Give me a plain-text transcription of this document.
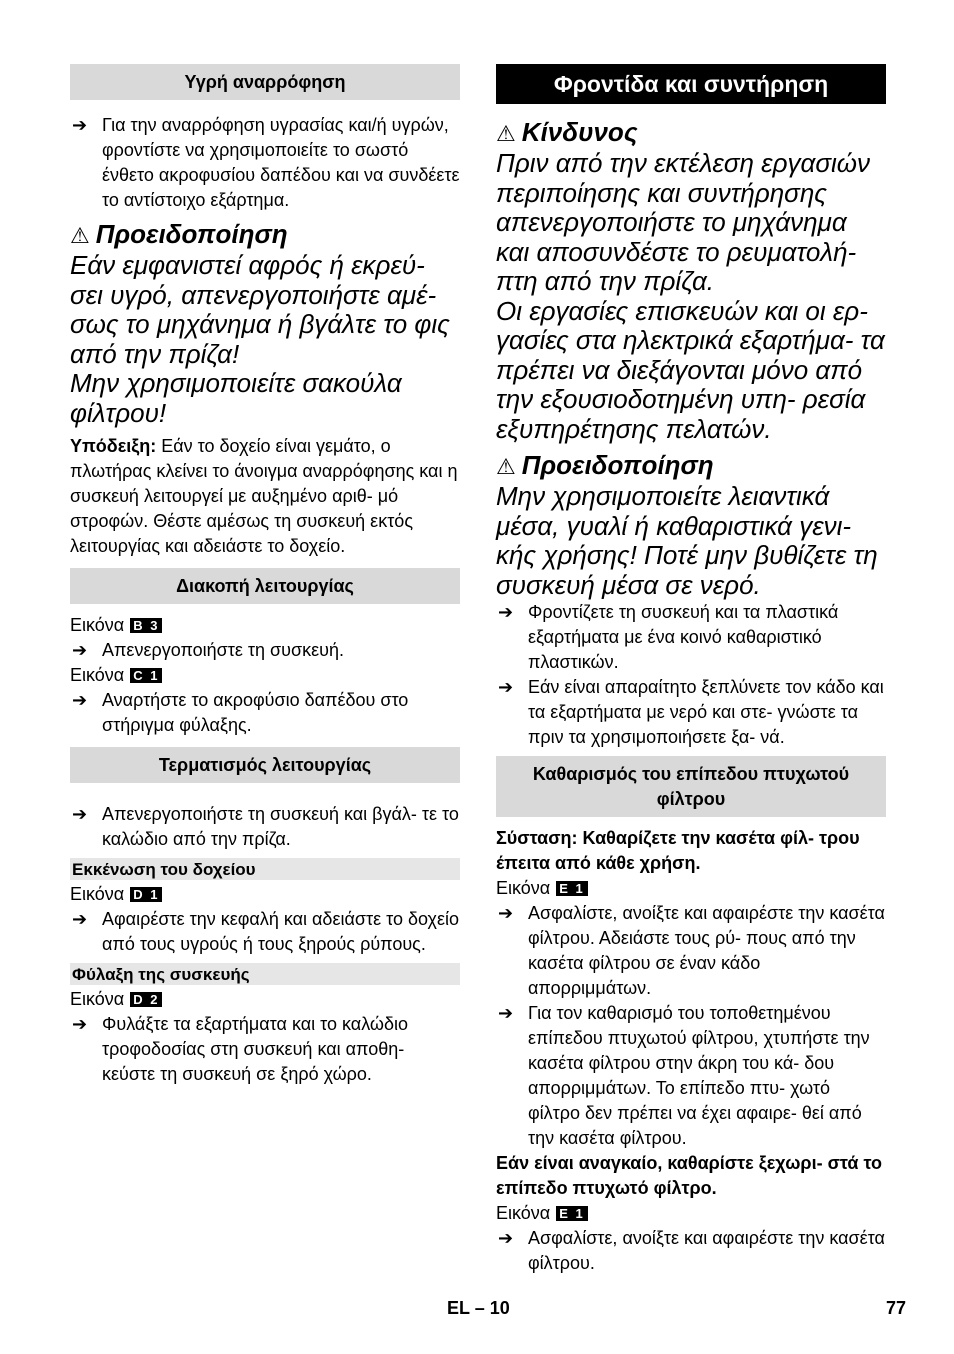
Υγρή αναρρόφηση
➔ Για την αναρρόφηση υγρασίας και/ή υγρών, φροντίστε να χρησιμοποιείτε το σωστό ένθετο ακροφυσίου δαπέδου και να συνδέετε το αντίστοιχο εξάρτημα.
⚠ Προειδοποίηση
Εάν εμφανιστεί αφρός ή εκρεύ- σει υγρό, απενεργοποιήστε αμέ- σως το μηχάνημα ή βγάλτε το φις από την πρίζα!
Μην χρησιμοποιείτε σακούλα φίλτρου!
Υπόδειξη: Εάν το δοχείο είναι γεμάτο, ο πλωτήρας κλείνει το άνοιγμα αναρρόφησης και η συσκευή λειτουργεί με αυξημένο αριθ- μό στροφών. Θέστε αμέσως τη συσκευή εκτός λειτουργίας και αδειάστε το δοχείο.
Διακοπή λειτουργίας
Εικόνα B 3
➔ Απενεργοποιήστε τη συσκευή.
Εικόνα C 1
➔ Αναρτήστε το ακροφύσιο δαπέδου στο στήριγμα φύλαξης.
Τερματισμός λειτουργίας
➔ Απενεργοποιήστε τη συσκευή και βγάλ- τε το καλώδιο από την πρίζα.
Εκκένωση του δοχείου
Εικόνα D 1
➔ Αφαιρέστε την κεφαλή και αδειάστε το δοχείο από τους υγρούς ή τους ξηρούς ρύπους.
Φύλαξη της συσκευής
Εικόνα D 2
➔ Φυλάξτε τα εξαρτήματα και το καλώδιο τροφοδοσίας στη συσκευή και αποθη- κεύστε τη συσκευή σε ξηρό χώρο.
Φροντίδα και συντήρηση
⚠ Κίνδυνος
Πριν από την εκτέλεση εργασιών περιποίησης και συντήρησης απενεργοποιήστε το μηχάνημα και αποσυνδέστε το ρευματολή- πτη από την πρίζα.
Οι εργασίες επισκευών και οι ερ- γασίες στα ηλεκτρικά εξαρτήμα- τα πρέπει να διεξάγονται μόνο από την εξουσιοδοτημένη υπη- ρεσία εξυπηρέτησης πελατών.
⚠ Προειδοποίηση
Μην χρησιμοποιείτε λειαντικά μέσα, γυαλί ή καθαριστικά γενι- κής χρήσης! Ποτέ μην βυθίζετε τη συσκευή μέσα σε νερό.
➔ Φροντίζετε τη συσκευή και τα πλαστικά εξαρτήματα με ένα κοινό καθαριστικό πλαστικών.
➔ Εάν είναι απαραίτητο ξεπλύνετε τον κάδο και τα εξαρτήματα με νερό και στε- γνώστε τα πριν τα χρησιμοποιήσετε ξα- νά.
Καθαρισμός του επίπεδου πτυχωτού φίλτρου
Σύσταση: Καθαρίζετε την κασέτα φίλ- τρου έπειτα από κάθε χρήση.
Εικόνα E 1
➔ Ασφαλίστε, ανοίξτε και αφαιρέστε την κασέτα φίλτρου. Αδειάστε τους ρύ- πους από την κασέτα φίλτρου σε έναν κάδο απορριμμάτων.
➔ Για τον καθαρισμό του τοποθετημένου επίπεδου πτυχωτού φίλτρου, χτυπήστε την κασέτα φίλτρου στην άκρη του κά- δου απορριμμάτων. Το επίπεδο πτυ- χωτό φίλτρο δεν πρέπει να έχει αφαιρε- θεί από την κασέτα φίλτρου.
Εάν είναι αναγκαίο, καθαρίστε ξεχωρι- στά το επίπεδο πτυχωτό φίλτρο.
Εικόνα E 1
➔ Ασφαλίστε, ανοίξτε και αφαιρέστε την κασέτα φίλτρου.
EL – 10	77
